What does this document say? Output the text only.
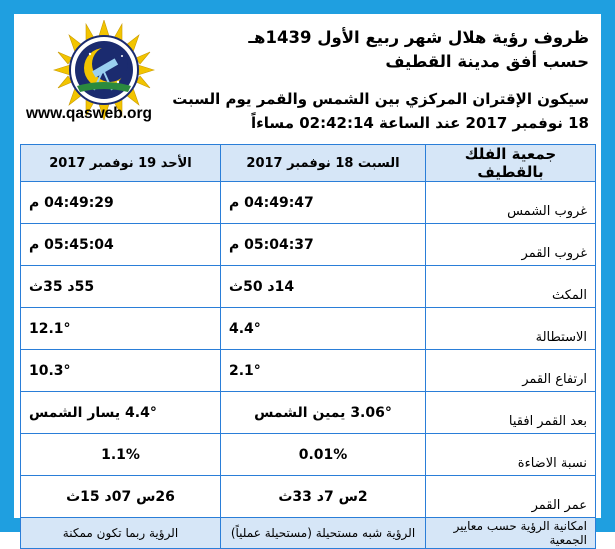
www.qasweb.org
ظروف رؤية هلال شهر ربيع الأول 1439هـ حسب أفق مدينة القطيف
سيكون الإقتران المركزي بين الشمس والقمر يوم السبت 18 نوفمبر 2017 عند الساعة 02:42:14 مساءاً
جمعية الفلك بالقطيف	السبت 18 نوفمبر 2017	الأحد 19 نوفمبر 2017
غروب الشمس	04:49:47 م	04:49:29 م
غروب القمر	05:04:37 م	05:45:04 م
المكث	14د 50ث	55د 35ث
الاستطالة	4.4°	12.1°
ارتفاع القمر	2.1°	10.3°
بعد القمر افقيا	3.06° يمين الشمس	4.4° يسار الشمس
نسبة الاضاءة	0.01%	1.1%
عمر القمر	2س 7د 33ث	26س 07د 15ث
امكانية الرؤية حسب معايير الجمعية	الرؤية شبه مستحيلة (مستحيلة عملياً)	الرؤية ربما تكون ممكنة
